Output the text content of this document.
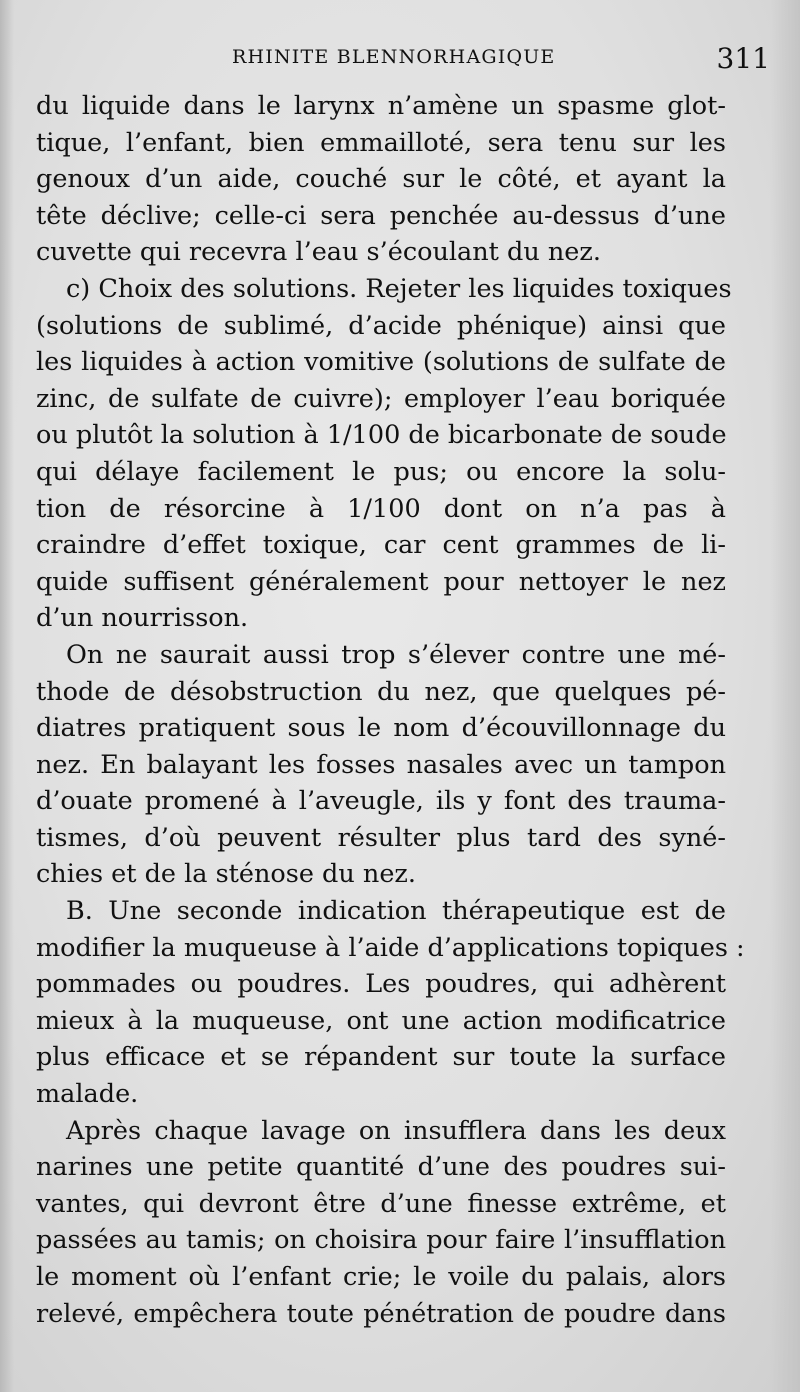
RHINITE BLENNORHAGIQUE	311
du liquide dans le larynx n’amène un spasme glot-
tique, l’enfant, bien emmailloté, sera tenu sur les
genoux d’un aide, couché sur le côté, et ayant la
tête déclive; celle-ci sera penchée au-dessus d’une
cuvette qui recevra l’eau s’écoulant du nez.
c) Choix des solutions. Rejeter les liquides toxiques
(solutions de sublimé, d’acide phénique) ainsi que
les liquides à action vomitive (solutions de sulfate de
zinc, de sulfate de cuivre); employer l’eau boriquée
ou plutôt la solution à 1/100 de bicarbonate de soude
qui délaye facilement le pus; ou encore la solu-
tion de résorcine à 1/100 dont on n’a pas à
craindre d’effet toxique, car cent grammes de li-
quide suffisent généralement pour nettoyer le nez
d’un nourrisson.
On ne saurait aussi trop s’élever contre une mé-
thode de désobstruction du nez, que quelques pé-
diatres pratiquent sous le nom d’écouvillonnage du
nez. En balayant les fosses nasales avec un tampon
d’ouate promené à l’aveugle, ils y font des trauma-
tismes, d’où peuvent résulter plus tard des syné-
chies et de la sténose du nez.
B. Une seconde indication thérapeutique est de
modifier la muqueuse à l’aide d’applications topiques :
pommades ou poudres. Les poudres, qui adhèrent
mieux à la muqueuse, ont une action modificatrice
plus efficace et se répandent sur toute la surface
malade.
Après chaque lavage on insufflera dans les deux
narines une petite quantité d’une des poudres sui-
vantes, qui devront être d’une finesse extrême, et
passées au tamis; on choisira pour faire l’insufflation
le moment où l’enfant crie; le voile du palais, alors
relevé, empêchera toute pénétration de poudre dans
